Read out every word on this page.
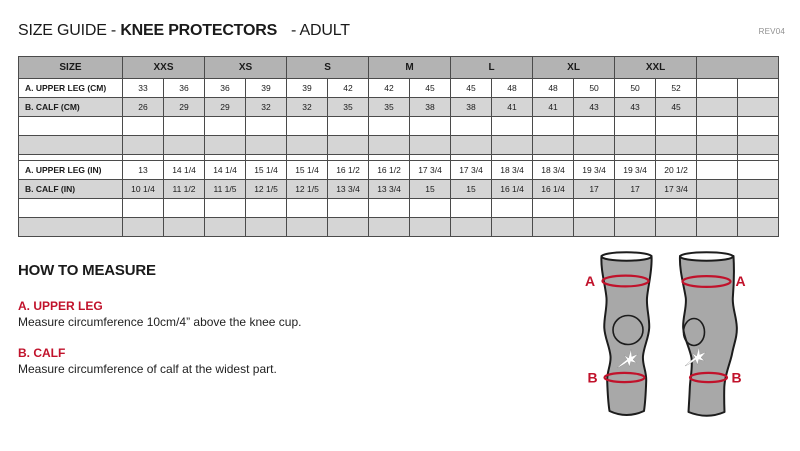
SIZE GUIDE - KNEE PROTECTORS - ADULT	REV04
SIZE	XXS		XS		S		M		L		XL		XXL			
A. UPPER LEG (CM)	33	36	36	39	39	42	42	45	45	48	48	50	50	52		
B. CALF (CM)	26	29	29	32	32	35	35	38	38	41	41	43	43	45		

A. UPPER LEG (IN)	13	14 1/4	14 1/4	15 1/4	15 1/4	16 1/2	16 1/2	17 3/4	17 3/4	18 3/4	18 3/4	19 3/4	19 3/4	20 1/2		
B. CALF (IN)	10 1/4	11 1/2	11 1/5	12 1/5	12 1/5	13 3/4	13 3/4	15	15	16 1/4	16 1/4	17	17	17 3/4		

HOW TO MEASURE

A. UPPER LEG

Measure circumference 10cm/4” above the knee cup.

B. CALF

Measure circumference of calf at the widest part.

A	A
B	B
